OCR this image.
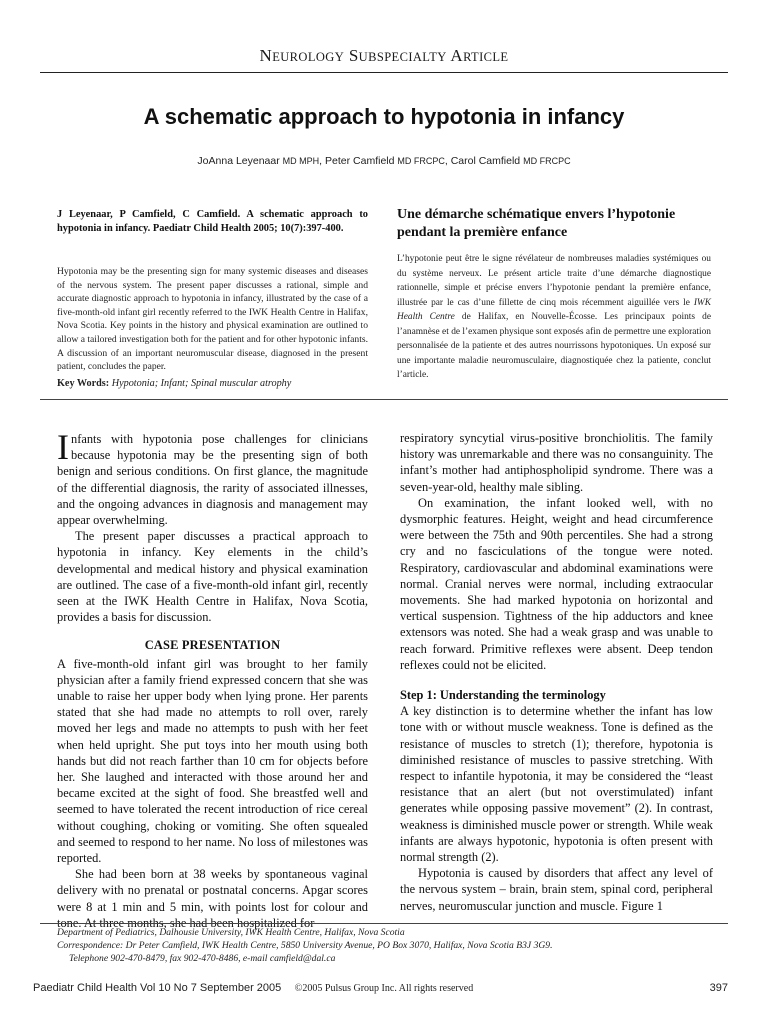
NEUROLOGY SUBSPECIALTY ARTICLE
A schematic approach to hypotonia in infancy
JoAnna Leyenaar MD MPH, Peter Camfield MD FRCPC, Carol Camfield MD FRCPC
J Leyenaar, P Camfield, C Camfield. A schematic approach to hypotonia in infancy. Paediatr Child Health 2005; 10(7):397-400.
Hypotonia may be the presenting sign for many systemic diseases and diseases of the nervous system. The present paper discusses a rational, simple and accurate diagnostic approach to hypotonia in infancy, illustrated by the case of a five-month-old infant girl recently referred to the IWK Health Centre in Halifax, Nova Scotia. Key points in the history and physical examination are outlined to allow a tailored investigation both for the patient and for other hypotonic infants. A discussion of an important neuromuscular disease, diagnosed in the present patient, concludes the paper.
Une démarche schématique envers l’hypotonie pendant la première enfance
L’hypotonie peut être le signe révélateur de nombreuses maladies systémiques ou du système nerveux. Le présent article traite d’une démarche diagnostique rationnelle, simple et précise envers l’hypotonie pendant la première enfance, illustrée par le cas d’une fillette de cinq mois récemment aiguillée vers le IWK Health Centre de Halifax, en Nouvelle-Écosse. Les principaux points de l’anamnèse et de l’examen physique sont exposés afin de permettre une exploration personnalisée de la patiente et des autres nourrissons hypotoniques. Un exposé sur une importante maladie neuromusculaire, diagnostiquée chez la patiente, conclut l’article.
Key Words: Hypotonia; Infant; Spinal muscular atrophy

Infants with hypotonia pose challenges for clinicians because hypotonia may be the presenting sign of both benign and serious conditions. On first glance, the magnitude of the differential diagnosis, the rarity of associated illnesses, and the ongoing advances in diagnosis and management may appear overwhelming.

The present paper discusses a practical approach to hypotonia in infancy. Key elements in the child’s developmental and medical history and physical examination are outlined. The case of a five-month-old infant girl, recently seen at the IWK Health Centre in Halifax, Nova Scotia, provides a basis for discussion.

CASE PRESENTATION

A five-month-old infant girl was brought to her family physician after a family friend expressed concern that she was unable to raise her upper body when lying prone. Her parents stated that she had made no attempts to roll over, rarely moved her legs and made no attempts to push with her feet when held upright. She put toys into her mouth using both hands but did not reach farther than 10 cm for objects before her. She laughed and interacted with those around her and became excited at the sight of food. She breastfed well and seemed to have tolerated the recent introduction of rice cereal without coughing, choking or vomiting. She often squealed and seemed to respond to her name. No loss of milestones was reported.

She had been born at 38 weeks by spontaneous vaginal delivery with no prenatal or postnatal concerns. Apgar scores were 8 at 1 min and 5 min, with points lost for colour and tone. At three months, she had been hospitalized for

respiratory syncytial virus-positive bronchiolitis. The family history was unremarkable and there was no consanguinity. The infant’s mother had antiphospholipid syndrome. There was a seven-year-old, healthy male sibling.

On examination, the infant looked well, with no dysmorphic features. Height, weight and head circumference were between the 75th and 90th percentiles. She had a strong cry and no fasciculations of the tongue were noted. Respiratory, cardiovascular and abdominal examinations were normal. Cranial nerves were normal, including extraocular movements. She had marked hypotonia on horizontal and vertical suspension. Tightness of the hip adductors and knee extensors was noted. She had a weak grasp and was unable to reach forward. Primitive reflexes were absent. Deep tendon reflexes could not be elicited.

Step 1: Understanding the terminology

A key distinction is to determine whether the infant has low tone with or without muscle weakness. Tone is defined as the resistance of muscles to stretch (1); therefore, hypotonia is diminished resistance of muscles to passive stretching. With respect to infantile hypotonia, it may be considered the “least resistance that an alert (but not overstimulated) infant generates while opposing passive movement” (2). In contrast, weakness is diminished muscle power or strength. While weak infants are always hypotonic, hypotonia is often present with normal strength (2).

Hypotonia is caused by disorders that affect any level of the nervous system – brain, brain stem, spinal cord, peripheral nerves, neuromuscular junction and muscle. Figure 1

Department of Pediatrics, Dalhousie University, IWK Health Centre, Halifax, Nova Scotia
Correspondence: Dr Peter Camfield, IWK Health Centre, 5850 University Avenue, PO Box 3070, Halifax, Nova Scotia B3J 3G9.
Telephone 902-470-8479, fax 902-470-8486, e-mail camfield@dal.ca
Paediatr Child Health Vol 10 No 7 September 2005	©2005 Pulsus Group Inc. All rights reserved	397
